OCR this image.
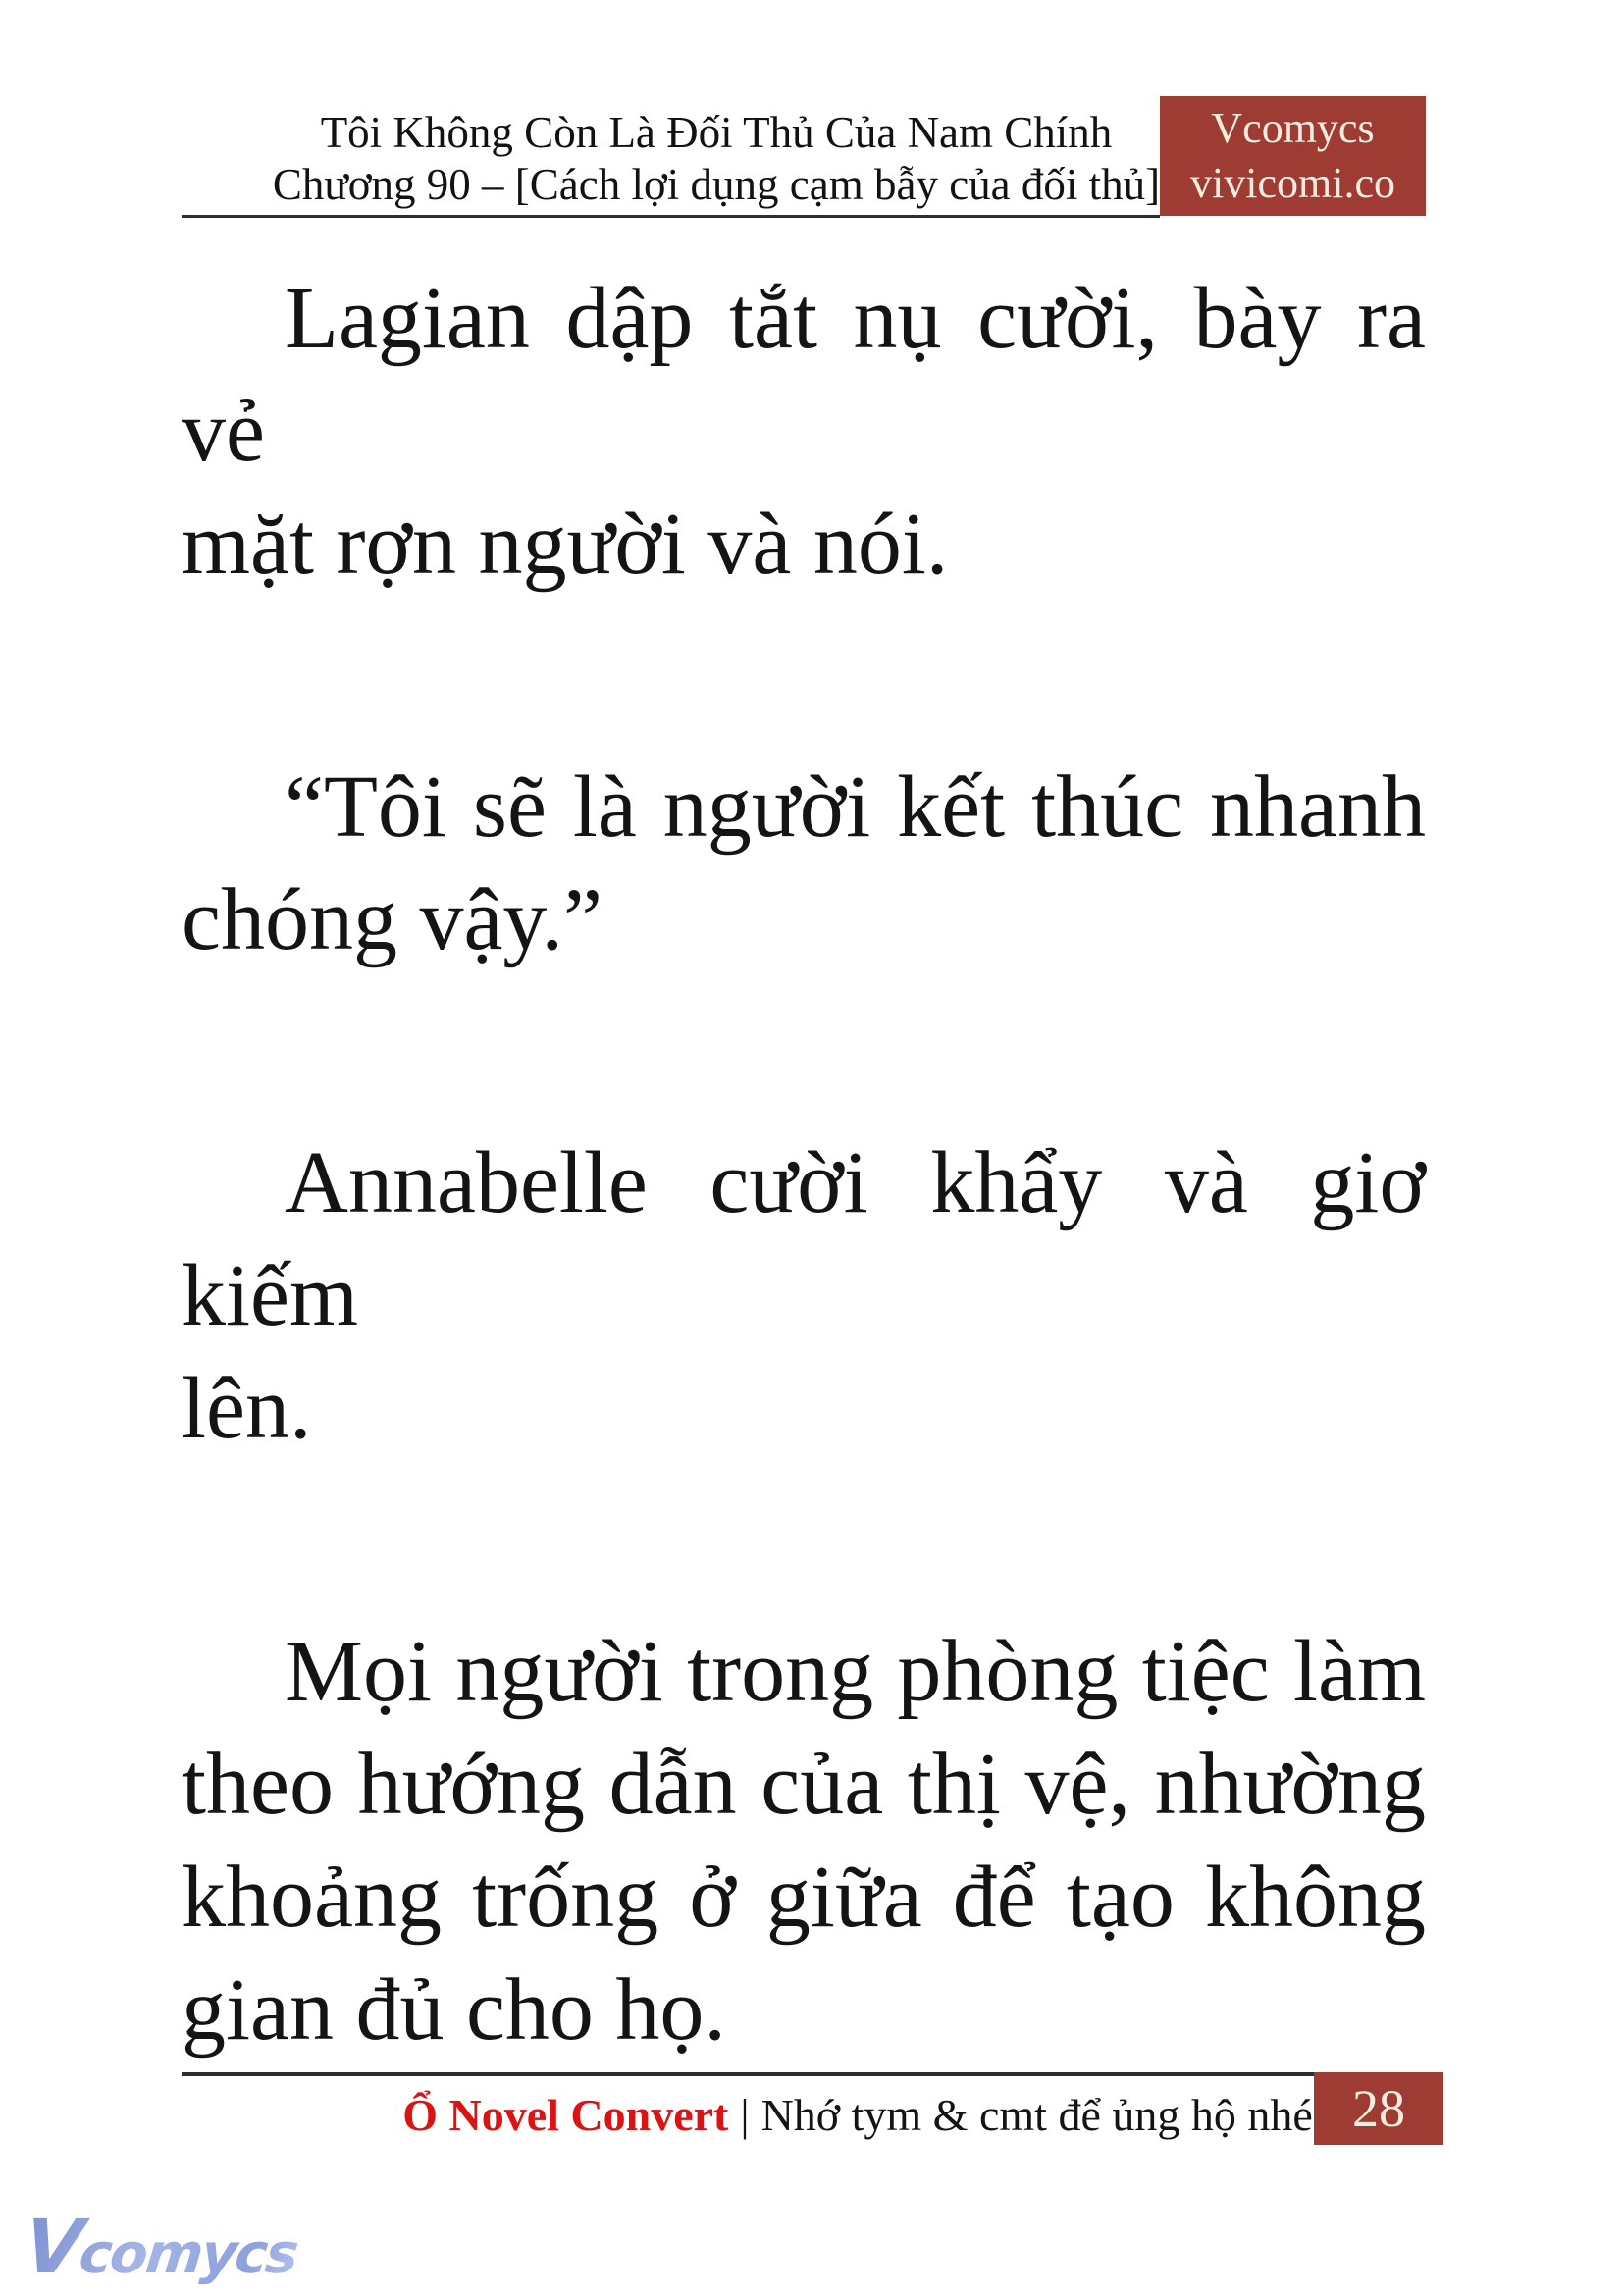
Tôi Không Còn Là Đối Thủ Của Nam Chính
Chương 90 – [Cách lợi dụng cạm bẫy của đối thủ]
Vcomycs
vivicomi.co
Lagian dập tắt nụ cười, bày ra vẻ
mặt rợn người và nói.
“Tôi sẽ là người kết thúc nhanh
chóng vậy.”
Annabelle cười khẩy và giơ kiếm
lên.
Mọi người trong phòng tiệc làm
theo hướng dẫn của thị vệ, nhường
khoảng trống ở giữa để tạo không
gian đủ cho họ.
Ổ Novel Convert | Nhớ tym & cmt để ủng hộ nhé 28
Vcomycs
